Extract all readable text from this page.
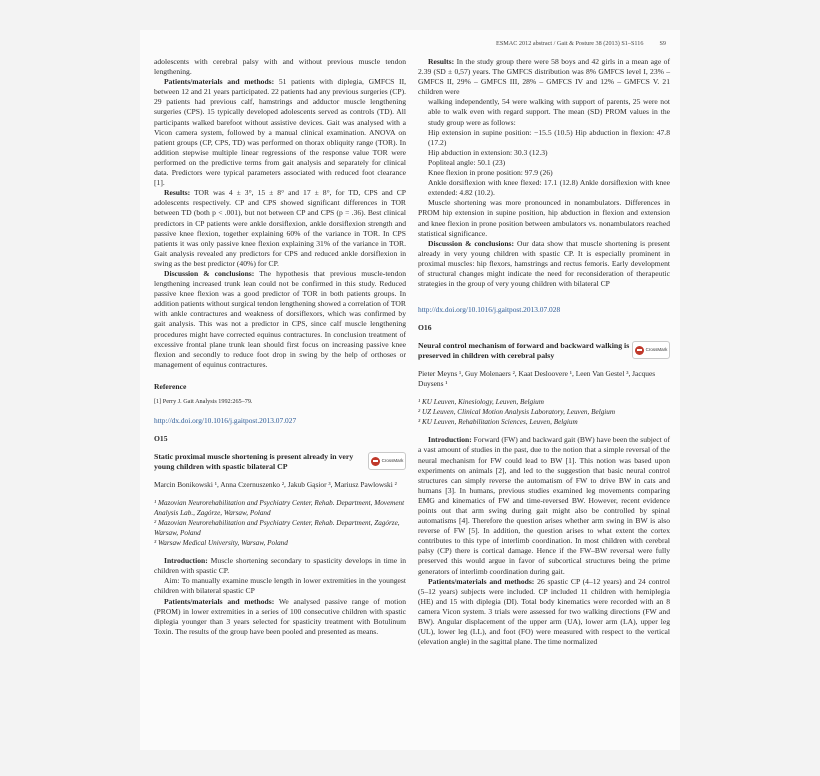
ESMAC 2012 abstract / Gait & Posture 38 (2013) S1–S116	S9

adolescents with cerebral palsy with and without previous muscle tendon lengthening.

Patients/materials and methods: 51 patients with diplegia, GMFCS II, between 12 and 21 years participated. 22 patients had any previous surgeries (CP). 29 patients had previous calf, hamstrings and adductor muscle lengthening surgeries (CPS). 15 typically developed adolescents served as controls (TD). All participants walked barefoot without assistive devices. Gait was analysed with a Vicon camera system, followed by a manual clinical examination. ANOVA on patient groups (CP, CPS, TD) was performed on thorax obliquity range (TOR). In addition stepwise multiple linear regressions of the response value TOR were performed on the predictive terms from gait analysis and separately for clinical data. Predictors were typical parameters associated with reduced foot clearance [1].

Results: TOR was 4 ± 3°, 15 ± 8° and 17 ± 8°, for TD, CPS and CP adolescents respectively. CP and CPS showed significant differences in TOR between TD (both p < .001), but not between CP and CPS (p = .36). Best clinical predictors in CP patients were ankle dorsiflexion, ankle dorsiflexion strength and passive knee flexion, together explaining 60% of the variance in TOR. In CPS patients it was only passive knee flexion explaining 31% of the variance in TOR. Gait analysis revealed any predictors for CPS and reduced ankle dorsiflexion in swing as the best predictor (40%) for CP.

Discussion & conclusions: The hypothesis that previous muscle-tendon lengthening increased trunk lean could not be confirmed in this study. Reduced passive knee flexion was a good predictor of TOR in both patients groups. In addition patients without surgical tendon lengthening showed a correlation of TOR with ankle contractures and weakness of dorsiflexors, which was confirmed by gait analysis. This was not a predictor in CPS, since calf muscle lengthening procedures might have corrected equinus contractures. In conclusion treatment of excessive frontal plane trunk lean should first focus on increasing passive knee flexion and secondly to reduce foot drop in swing by the help of orthoses or management of equinus contractures.

Reference
[1] Perry J. Gait Analysis 1992:265–79.
http://dx.doi.org/10.1016/j.gaitpost.2013.07.027
O15
Static proximal muscle shortening is present already in very young children with spastic bilateral CP
CrossMark
Marcin Bonikowski ¹, Anna Czernuszenko ², Jakub Gąsior ³, Mariusz Pawlowski ²
¹ Mazovian Neurorehabilitation and Psychiatry Center, Rehab. Department, Movement Analysis Lab., Zagórze, Warsaw, Poland
² Mazovian Neurorehabilitation and Psychiatry Center, Rehab. Department, Zagórze, Warsaw, Poland
³ Warsaw Medical University, Warsaw, Poland

Introduction: Muscle shortening secondary to spasticity develops in time in children with spastic CP.

Aim: To manually examine muscle length in lower extremities in the youngest children with bilateral spastic CP

Patients/materials and methods: We analysed passive range of motion (PROM) in lower extremities in a series of 100 consecutive children with spastic diplegia younger than 3 years selected for spasticity treatment with Botulinum Toxin. The results of the group have been pooled and presented as means.

Results: In the study group there were 58 boys and 42 girls in a mean age of 2.39 (SD ± 0,57) years. The GMFCS distribution was 8% GMFCS level I, 23% – GMFCS II, 29% – GMFCS III, 28% – GMFCS IV and 12% – GMFCS V. 21 children were

walking independently, 54 were walking with support of parents, 25 were not able to walk even with regard support. The mean (SD) PROM values in the study group were as follows:

Hip extension in supine position: −15.5 (10.5) Hip abduction in flexion: 47.8 (17.2)

Hip abduction in extension: 30.3 (12.3)

Popliteal angle: 50.1 (23)

Knee flexion in prone position: 97.9 (26)

Ankle dorsiflexion with knee flexed: 17.1 (12.8) Ankle dorsiflexion with knee extended: 4.82 (10.2).

Muscle shortening was more pronounced in nonambulators. Differences in PROM hip extension in supine position, hip abduction in flexion and extension and knee flexion in prone position between ambulators vs. nonambulators reached statistical significance.

Discussion & conclusions: Our data show that muscle shortening is present already in very young children with spastic CP. It is especially prominent in proximal muscles: hip flexors, hamstrings and rectus femoris. Early development of structural changes might indicate the need for reconsideration of therapeutic strategies in the group of very young children with bilateral CP

http://dx.doi.org/10.1016/j.gaitpost.2013.07.028
O16
Neural control mechanism of forward and backward walking is preserved in children with cerebral palsy
CrossMark
Pieter Meyns ¹, Guy Molenaers ², Kaat Desloovere ¹, Leen Van Gestel ³, Jacques Duysens ¹
¹ KU Leuven, Kinesiology, Leuven, Belgium
² UZ Leuven, Clinical Motion Analysis Laboratory, Leuven, Belgium
³ KU Leuven, Rehabilitation Sciences, Leuven, Belgium

Introduction: Forward (FW) and backward gait (BW) have been the subject of a vast amount of studies in the past, due to the notion that a simple reversal of the neural mechanism for FW could lead to BW [1]. This notion was based upon experiments on animals [2], and led to the suggestion that basic neural control structures can simply reverse the automatism of FW to drive BW in cats and humans [3]. In humans, previous studies examined leg movements comparing EMG and kinematics of FW and time-reversed BW. However, recent evidence points out that arm swing during gait might also be controlled by spinal automatisms [4]. Therefore the question arises whether arm swing in BW is also reverse of FW [5]. In addition, the question arises to what extent the cortex contributes to this type of interlimb coordination. In most children with cerebral palsy (CP) there is cortical damage. Hence if the FW–BW reversal were fully preserved this would argue in favor of subcortical structures being the prime generators of interlimb coordination during gait.

Patients/materials and methods: 26 spastic CP (4–12 years) and 24 control (5–12 years) subjects were included. CP included 11 children with hemiplegia (HE) and 15 with diplegia (DI). Total body kinematics were recorded with an 8 camera Vicon system. 3 trials were assessed for two walking directions (FW and BW). Angular displacement of the upper arm (UA), lower arm (LA), upper leg (UL), lower leg (LL), and foot (FO) were measured with respect to the vertical (elevation angle) in the sagittal plane. The time normalized
